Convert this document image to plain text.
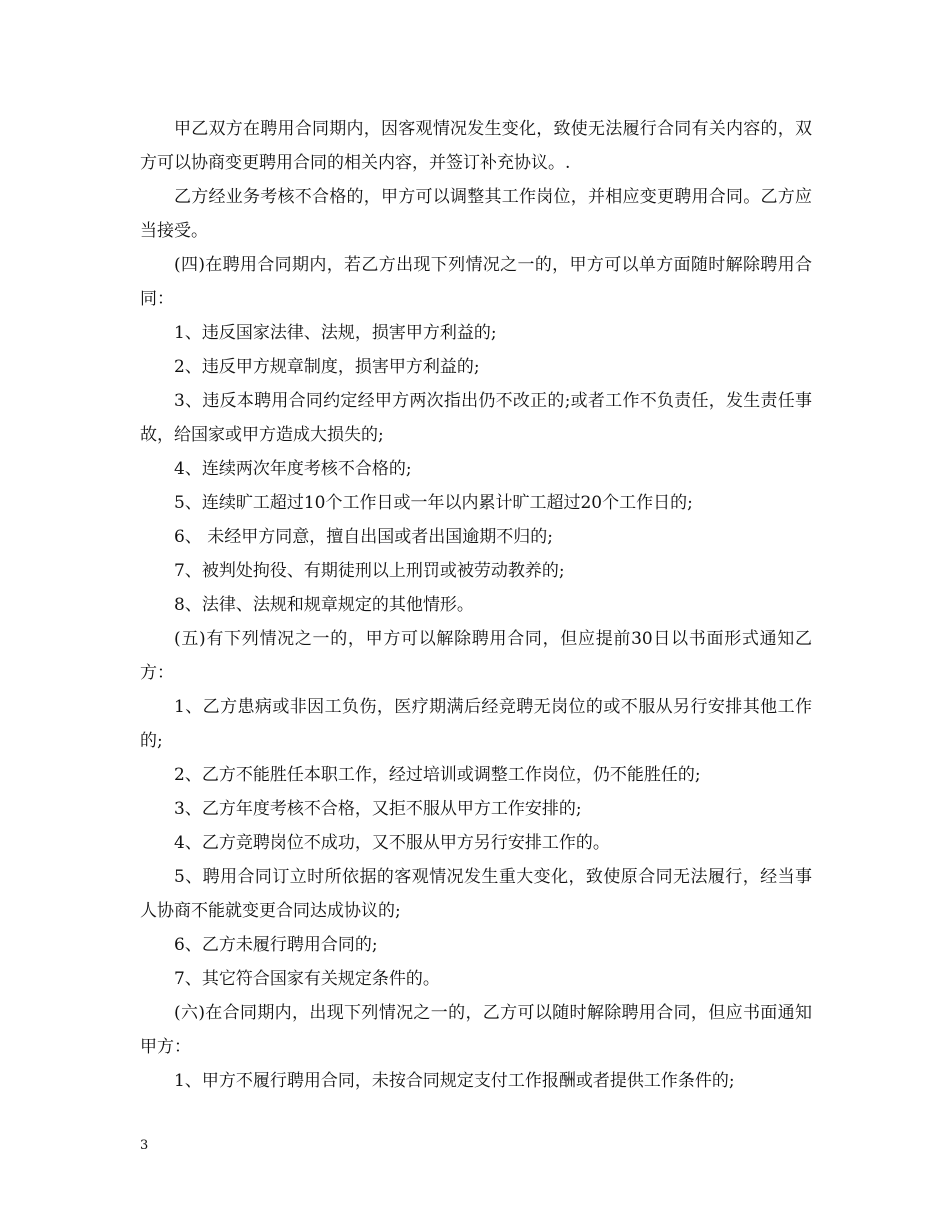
甲乙双方在聘用合同期内，因客观情况发生变化，致使无法履行合同有关内容的，双方可以协商变更聘用合同的相关内容，并签订补充协议。.

乙方经业务考核不合格的，甲方可以调整其工作岗位，并相应变更聘用合同。乙方应当接受。

(四)在聘用合同期内，若乙方出现下列情况之一的，甲方可以单方面随时解除聘用合同：

1、违反国家法律、法规，损害甲方利益的;

2、违反甲方规章制度，损害甲方利益的;

3、违反本聘用合同约定经甲方两次指出仍不改正的;或者工作不负责任，发生责任事故，给国家或甲方造成大损失的;

4、连续两次年度考核不合格的;

5、连续旷工超过10个工作日或一年以内累计旷工超过20个工作日的;

6、 未经甲方同意，擅自出国或者出国逾期不归的;

7、被判处拘役、有期徒刑以上刑罚或被劳动教养的;

8、法律、法规和规章规定的其他情形。

(五)有下列情况之一的，甲方可以解除聘用合同，但应提前30日以书面形式通知乙方：

1、乙方患病或非因工负伤，医疗期满后经竞聘无岗位的或不服从另行安排其他工作的;

2、乙方不能胜任本职工作，经过培训或调整工作岗位，仍不能胜任的;

3、乙方年度考核不合格，又拒不服从甲方工作安排的;

4、乙方竞聘岗位不成功，又不服从甲方另行安排工作的。

5、聘用合同订立时所依据的客观情况发生重大变化，致使原合同无法履行，经当事人协商不能就变更合同达成协议的;

6、乙方未履行聘用合同的;

7、其它符合国家有关规定条件的。

(六)在合同期内，出现下列情况之一的，乙方可以随时解除聘用合同，但应书面通知甲方：

1、甲方不履行聘用合同，未按合同规定支付工作报酬或者提供工作条件的;

3
